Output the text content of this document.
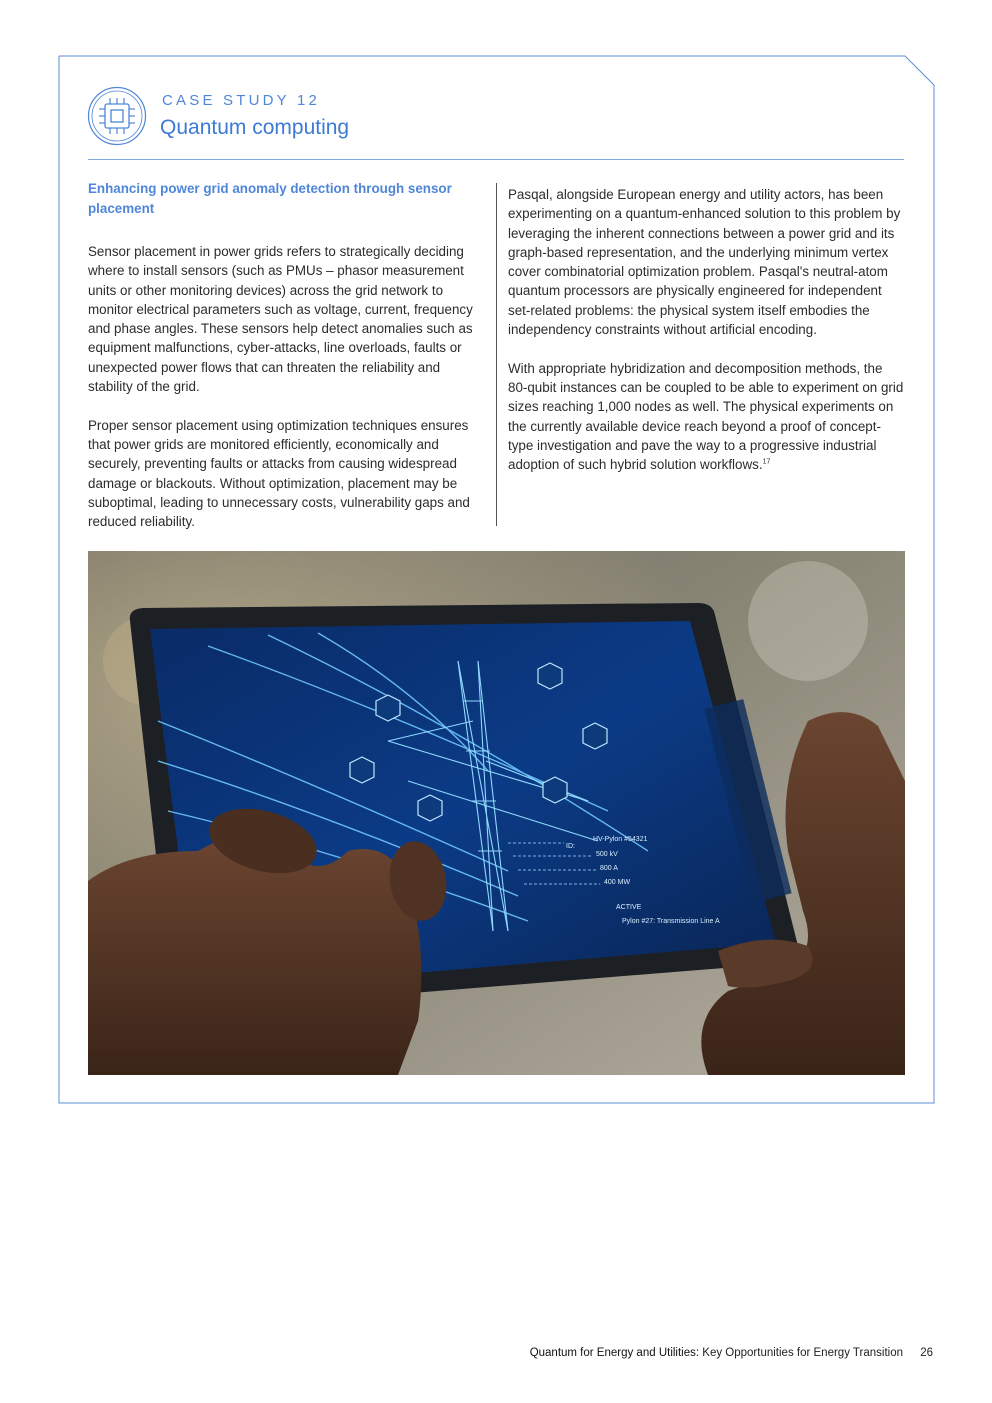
CASE STUDY 12
Quantum computing

Enhancing power grid anomaly detection through sensor placement

Sensor placement in power grids refers to strategically deciding where to install sensors (such as PMUs – phasor measurement units or other monitoring devices) across the grid network to monitor electrical parameters such as voltage, current, frequency and phase angles. These sensors help detect anomalies such as equipment malfunctions, cyber-attacks, line overloads, faults or unexpected power flows that can threaten the reliability and stability of the grid.

Proper sensor placement using optimization techniques ensures that power grids are monitored efficiently, economically and securely, preventing faults or attacks from causing widespread damage or blackouts. Without optimization, placement may be suboptimal, leading to unnecessary costs, vulnerability gaps and reduced reliability.

Pasqal, alongside European energy and utility actors, has been experimenting on a quantum-enhanced solution to this problem by leveraging the inherent connections between a power grid and its graph-based representation, and the underlying minimum vertex cover combinatorial optimization problem. Pasqal's neutral-atom quantum processors are physically engineered for independent set-related problems: the physical system itself embodies the independency constraints without artificial encoding.

With appropriate hybridization and decomposition methods, the 80-qubit instances can be coupled to be able to experiment on grid sizes reaching 1,000 nodes as well. The physical experiments on the currently available device reach beyond a proof of concept-type investigation and pave the way to a progressive industrial adoption of such hybrid solution workflows.$^{17}$

ID:
HV-Pylon #54321
500 kV
800 A
400 MW
ACTIVE
Pylon #27: Transmission Line A
Quantum for Energy and Utilities: Key Opportunities for Energy Transition 26
